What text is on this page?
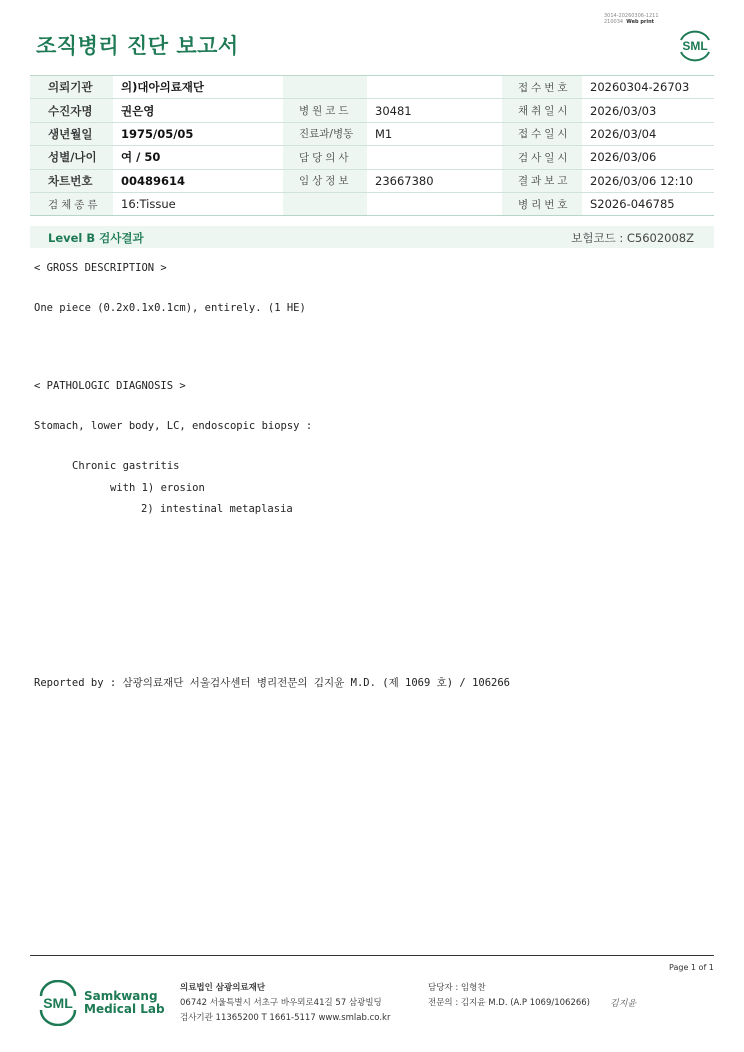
조직병리 진단 보고서
3014-20260306-1211
210034 Web print
SML
의뢰기관	의)대아의료재단			접수번호	20260304-26703
수진자명	권은영	병원코드	30481	채취일시	2026/03/03
생년월일	1975/05/05	진료과/병동	M1	접수일시	2026/03/04
성별/나이	여 / 50	담당의사		검사일시	2026/03/06
차트번호	00489614	임상정보	23667380	결과보고	2026/03/06 12:10
검체종류	16:Tissue			병리번호	S2026-046785
Level B 검사결과	보험코드 : C5602008Z
< GROSS DESCRIPTION >
One piece (0.2x0.1x0.1cm), entirely. (1 HE)
< PATHOLOGIC DIAGNOSIS >
Stomach, lower body, LC, endoscopic biopsy :
Chronic gastritis
with 1) erosion
2) intestinal metaplasia
Reported by : 삼광의료재단 서울검사센터 병리전문의 김지윤 M.D. (제 1069 호) / 106266
Page 1 of 1
SML Samkwang
Medical Lab
의료법인 삼광의료재단
06742 서울특별시 서초구 바우뫼로41길 57 삼광빌딩
검사기관 11365200 T 1661-5117 www.smlab.co.kr
담당자 : 임형찬
전문의 : 김지윤 M.D. (A.P 1069/106266) 김지윤
